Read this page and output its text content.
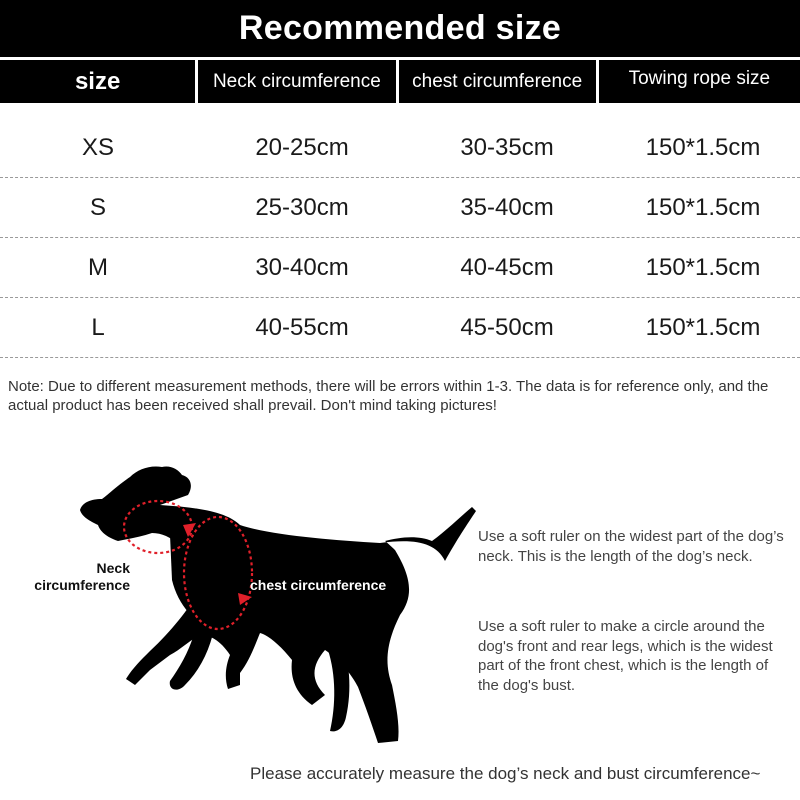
Recommended size
size	Neck circumference	chest circumference	Towing rope size
XS	20-25cm	30-35cm	150*1.5cm
S	25-30cm	35-40cm	150*1.5cm
M	30-40cm	40-45cm	150*1.5cm
L	40-55cm	45-50cm	150*1.5cm
Note: Due to different measurement methods, there will be errors within 1-3. The data is for reference only, and the actual product has been received shall prevail. Don't mind taking pictures!
Neck circumference	chest circumference
Use a soft ruler on the widest part of the dog’s neck. This is the length of the dog’s neck.
Use a soft ruler to make a circle around the dog's front and rear legs, which is the widest part of the front chest, which is the length of the dog's bust.
Please accurately measure the dog’s neck and bust circumference~
